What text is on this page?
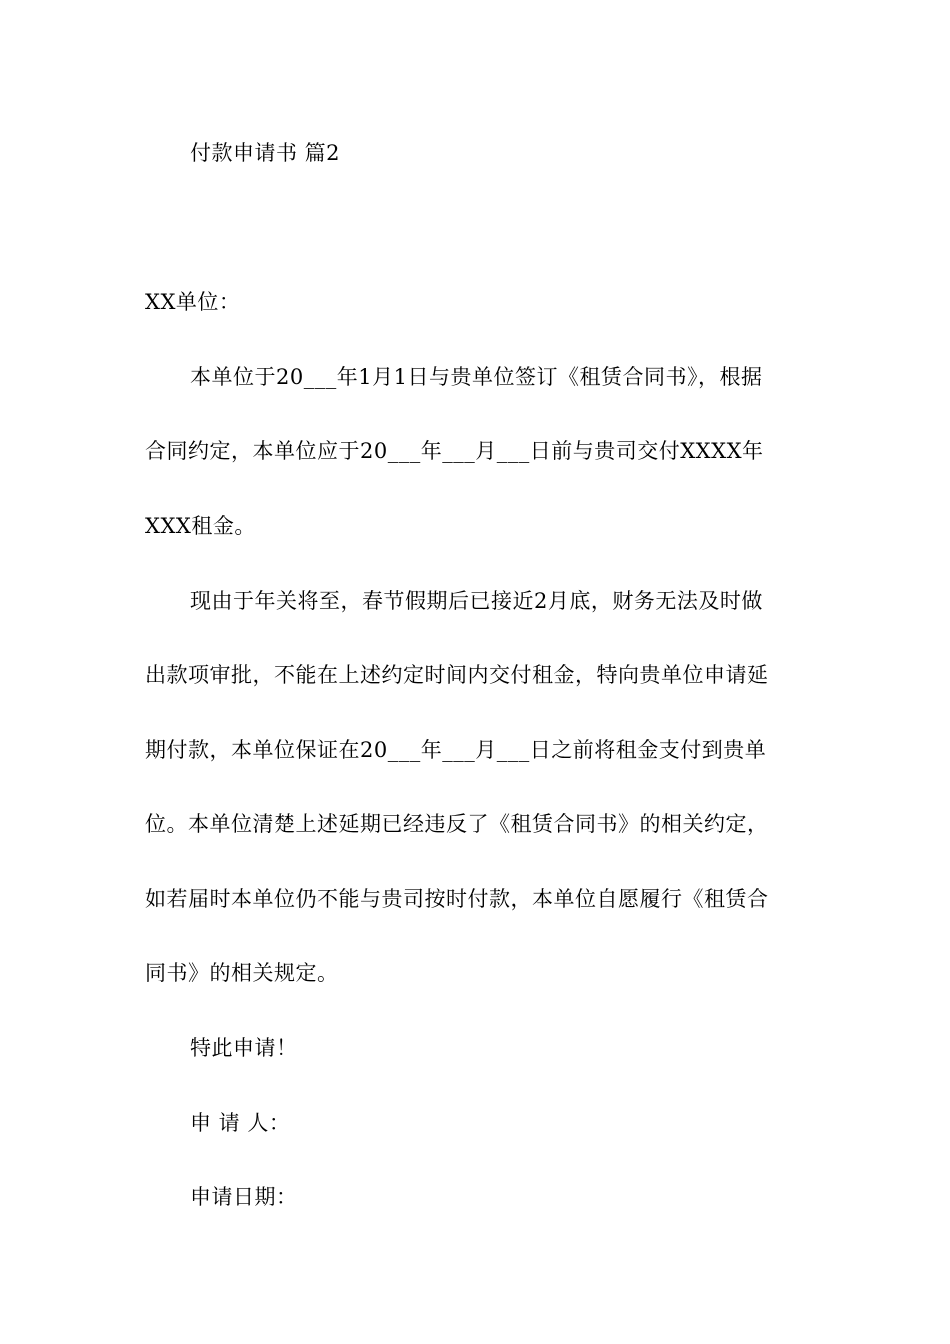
付款申请书 篇2
XX单位：
本单位于20___年1月1日与贵单位签订《租赁合同书》，根据
合同约定，本单位应于20___年___月___日前与贵司交付XXXX年
XXX租金。
现由于年关将至，春节假期后已接近2月底，财务无法及时做
出款项审批，不能在上述约定时间内交付租金，特向贵单位申请延
期付款，本单位保证在20___年___月___日之前将租金支付到贵单
位。本单位清楚上述延期已经违反了《租赁合同书》的相关约定，
如若届时本单位仍不能与贵司按时付款，本单位自愿履行《租赁合
同书》的相关规定。
特此申请！
申 请 人：
申请日期：
